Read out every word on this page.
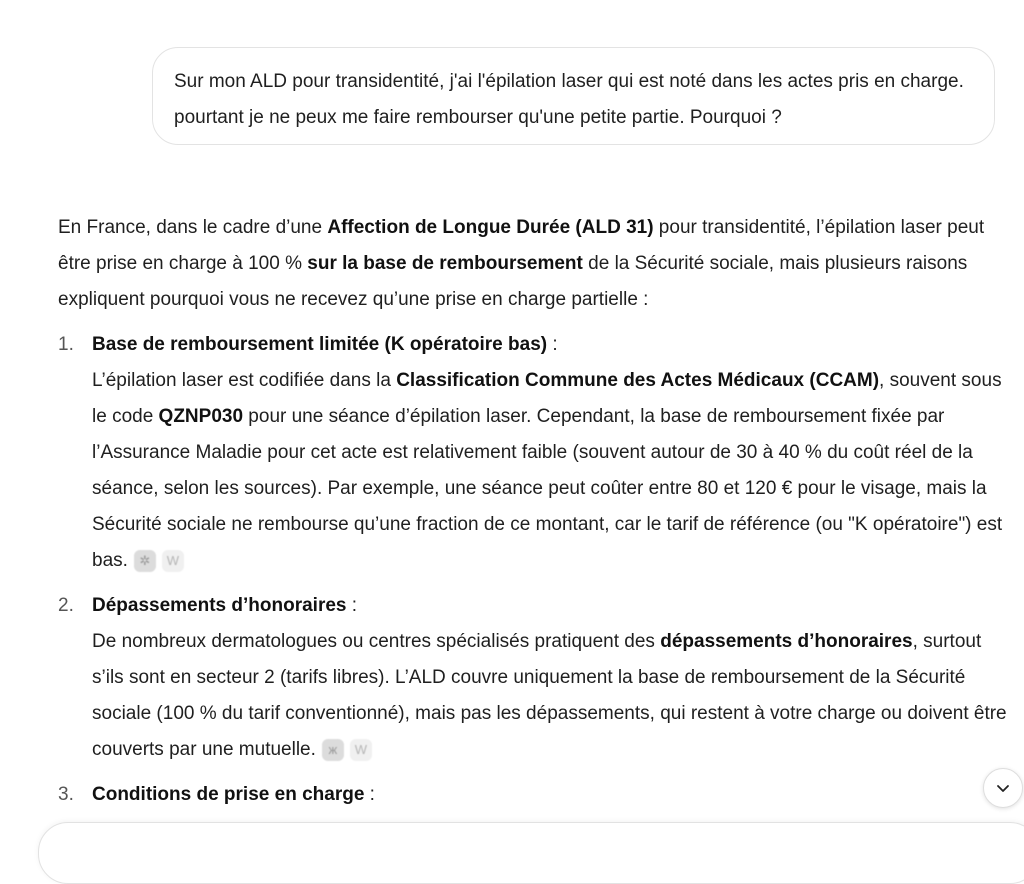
Sur mon ALD pour transidentité, j'ai l'épilation laser qui est noté dans les actes pris en charge. pourtant je ne peux me faire rembourser qu'une petite partie. Pourquoi ?

En France, dans le cadre d’une Affection de Longue Durée (ALD 31) pour transidentité, l’épilation laser peut être prise en charge à 100 % sur la base de remboursement de la Sécurité sociale, mais plusieurs raisons expliquent pourquoi vous ne recevez qu’une prise en charge partielle :

1. Base de remboursement limitée (K opératoire bas) :
L’épilation laser est codifiée dans la Classification Commune des Actes Médicaux (CCAM), souvent sous le code QZNP030 pour une séance d’épilation laser. Cependant, la base de remboursement fixée par l’Assurance Maladie pour cet acte est relativement faible (souvent autour de 30 à 40 % du coût réel de la séance, selon les sources). Par exemple, une séance peut coûter entre 80 et 120 € pour le visage, mais la Sécurité sociale ne rembourse qu’une fraction de ce montant, car le tarif de référence (ou "K opératoire") est bas. ✲ W
2. Dépassements d’honoraires :
De nombreux dermatologues ou centres spécialisés pratiquent des dépassements d’honoraires, surtout s’ils sont en secteur 2 (tarifs libres). L’ALD couvre uniquement la base de remboursement de la Sécurité sociale (100 % du tarif conventionné), mais pas les dépassements, qui restent à votre charge ou doivent être couverts par une mutuelle. ж W
3. Conditions de prise en charge :
